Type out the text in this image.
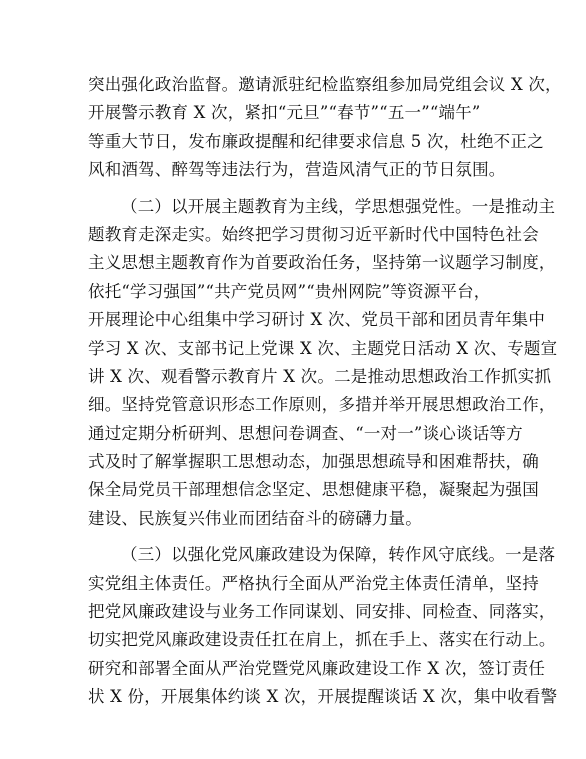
突出强化政治监督。邀请派驻纪检监察组参加局党组会议 X 次，
开展警示教育 X 次，紧扣“元旦”“春节”“五一”“端午”
等重大节日，发布廉政提醒和纪律要求信息 5 次，杜绝不正之
风和酒驾、醉驾等违法行为，营造风清气正的节日氛围。
（二）以开展主题教育为主线，学思想强党性。一是推动主
题教育走深走实。始终把学习贯彻习近平新时代中国特色社会
主义思想主题教育作为首要政治任务，坚持第一议题学习制度，
依托“学习强国”“共产党员网”“贵州网院”等资源平台，
开展理论中心组集中学习研讨 X 次、党员干部和团员青年集中
学习 X 次、支部书记上党课 X 次、主题党日活动 X 次、专题宣
讲 X 次、观看警示教育片 X 次。二是推动思想政治工作抓实抓
细。坚持党管意识形态工作原则，多措并举开展思想政治工作，
通过定期分析研判、思想问卷调查、“一对一”谈心谈话等方
式及时了解掌握职工思想动态，加强思想疏导和困难帮扶，确
保全局党员干部理想信念坚定、思想健康平稳，凝聚起为强国
建设、民族复兴伟业而团结奋斗的磅礴力量。
（三）以强化党风廉政建设为保障，转作风守底线。一是落
实党组主体责任。严格执行全面从严治党主体责任清单，坚持
把党风廉政建设与业务工作同谋划、同安排、同检查、同落实，
切实把党风廉政建设责任扛在肩上，抓在手上、落实在行动上。
研究和部署全面从严治党暨党风廉政建设工作 X 次，签订责任
状 X 份，开展集体约谈 X 次，开展提醒谈话 X 次，集中收看警
